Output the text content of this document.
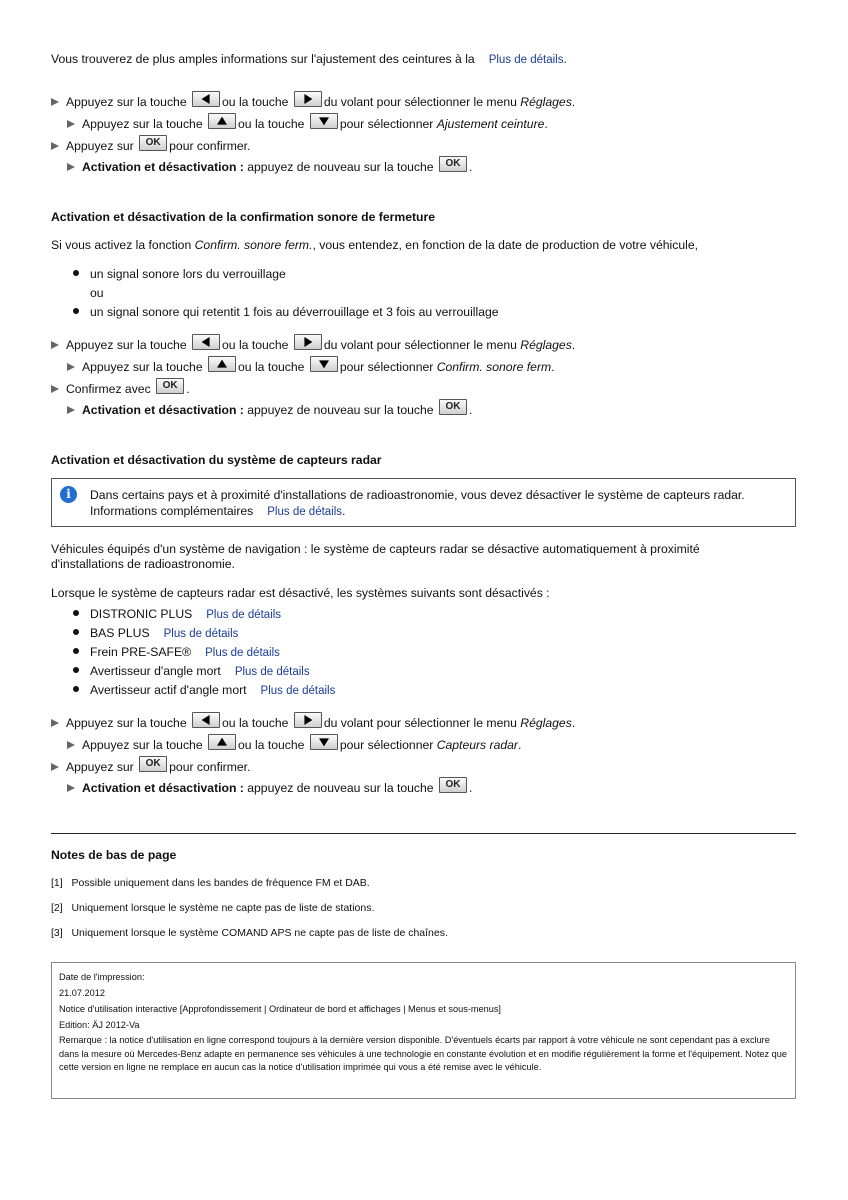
Vous trouverez de plus amples informations sur l'ajustement des ceintures à la Plus de détails.
Appuyez sur la touche	ou la touche	du volant pour sélectionner le menu Réglages.
Appuyez sur la touche	ou la touche	pour sélectionner Ajustement ceinture.
Appuyez sur	OK pour confirmer.
Activation et désactivation : appuyez de nouveau sur la touche	OK .
Activation et désactivation de la confirmation sonore de fermeture
Si vous activez la fonction Confirm. sonore ferm., vous entendez, en fonction de la date de production de votre véhicule,
un signal sonore lors du verrouillage
ou
un signal sonore qui retentit 1 fois au déverrouillage et 3 fois au verrouillage
Appuyez sur la touche	ou la touche	du volant pour sélectionner le menu Réglages.
Appuyez sur la touche	ou la touche	pour sélectionner Confirm. sonore ferm.
Confirmez avec	OK .
Activation et désactivation : appuyez de nouveau sur la touche	OK .
Activation et désactivation du système de capteurs radar
i	Dans certains pays et à proximité d'installations de radioastronomie, vous devez désactiver le système de capteurs radar.
Informations complémentaires Plus de détails.
Véhicules équipés d'un système de navigation : le système de capteurs radar se désactive automatiquement à proximité
d'installations de radioastronomie.
Lorsque le système de capteurs radar est désactivé, les systèmes suivants sont désactivés :
DISTRONIC PLUS Plus de détails
BAS PLUS Plus de détails
Frein PRE-SAFE® Plus de détails
Avertisseur d'angle mort Plus de détails
Avertisseur actif d'angle mort Plus de détails
Appuyez sur la touche	ou la touche	du volant pour sélectionner le menu Réglages.
Appuyez sur la touche	ou la touche	pour sélectionner Capteurs radar.
Appuyez sur	OK pour confirmer.
Activation et désactivation : appuyez de nouveau sur la touche	OK .
Notes de bas de page
[1] Possible uniquement dans les bandes de fréquence FM et DAB.
[2] Uniquement lorsque le système ne capte pas de liste de stations.
[3] Uniquement lorsque le système COMAND APS ne capte pas de liste de chaînes.
Date de l'impression:
21.07.2012
Notice d'utilisation interactive [Approfondissement | Ordinateur de bord et affichages | Menus et sous-menus]
Edition: ÄJ 2012-Va
Remarque : la notice d'utilisation en ligne correspond toujours à la dernière version disponible. D'éventuels écarts par rapport à votre véhicule ne sont cependant pas à exclure dans la mesure où Mercedes-Benz adapte en permanence ses véhicules à une technologie en constante évolution et en modifie régulièrement la forme et l'équipement. Notez que cette version en ligne ne remplace en aucun cas la notice d'utilisation imprimée qui vous a été remise avec le véhicule.
